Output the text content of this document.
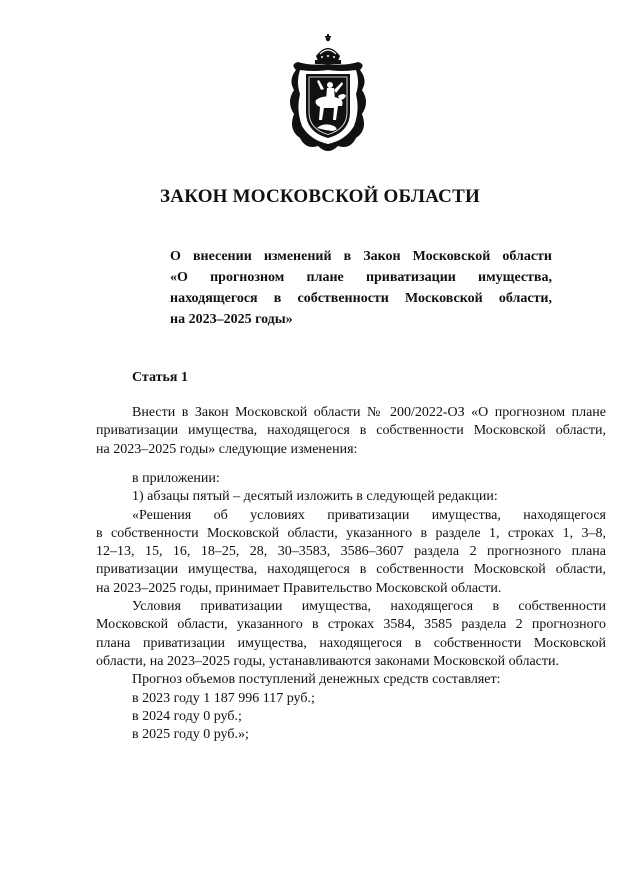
ЗАКОН МОСКОВСКОЙ ОБЛАСТИ
О внесении изменений в Закон Московской области
«О прогнозном плане приватизации имущества,
находящегося в собственности Московской области,
на 2023–2025 годы»
Статья 1
Внести в Закон Московской области № 200/2022-ОЗ «О прогнозном плане
приватизации имущества, находящегося в собственности Московской области,
на 2023–2025 годы» следующие изменения:
в приложении:
1) абзацы пятый – десятый изложить в следующей редакции:
«Решения об условиях приватизации имущества, находящегося
в собственности Московской области, указанного в разделе 1, строках 1, 3–8,
12–13, 15, 16, 18–25, 28, 30–3583, 3586–3607 раздела 2 прогнозного плана
приватизации имущества, находящегося в собственности Московской области,
на 2023–2025 годы, принимает Правительство Московской области.
Условия приватизации имущества, находящегося в собственности
Московской области, указанного в строках 3584, 3585 раздела 2 прогнозного
плана приватизации имущества, находящегося в собственности Московской
области, на 2023–2025 годы, устанавливаются законами Московской области.
Прогноз объемов поступлений денежных средств составляет:
в 2023 году 1 187 996 117 руб.;
в 2024 году 0 руб.;
в 2025 году 0 руб.»;
